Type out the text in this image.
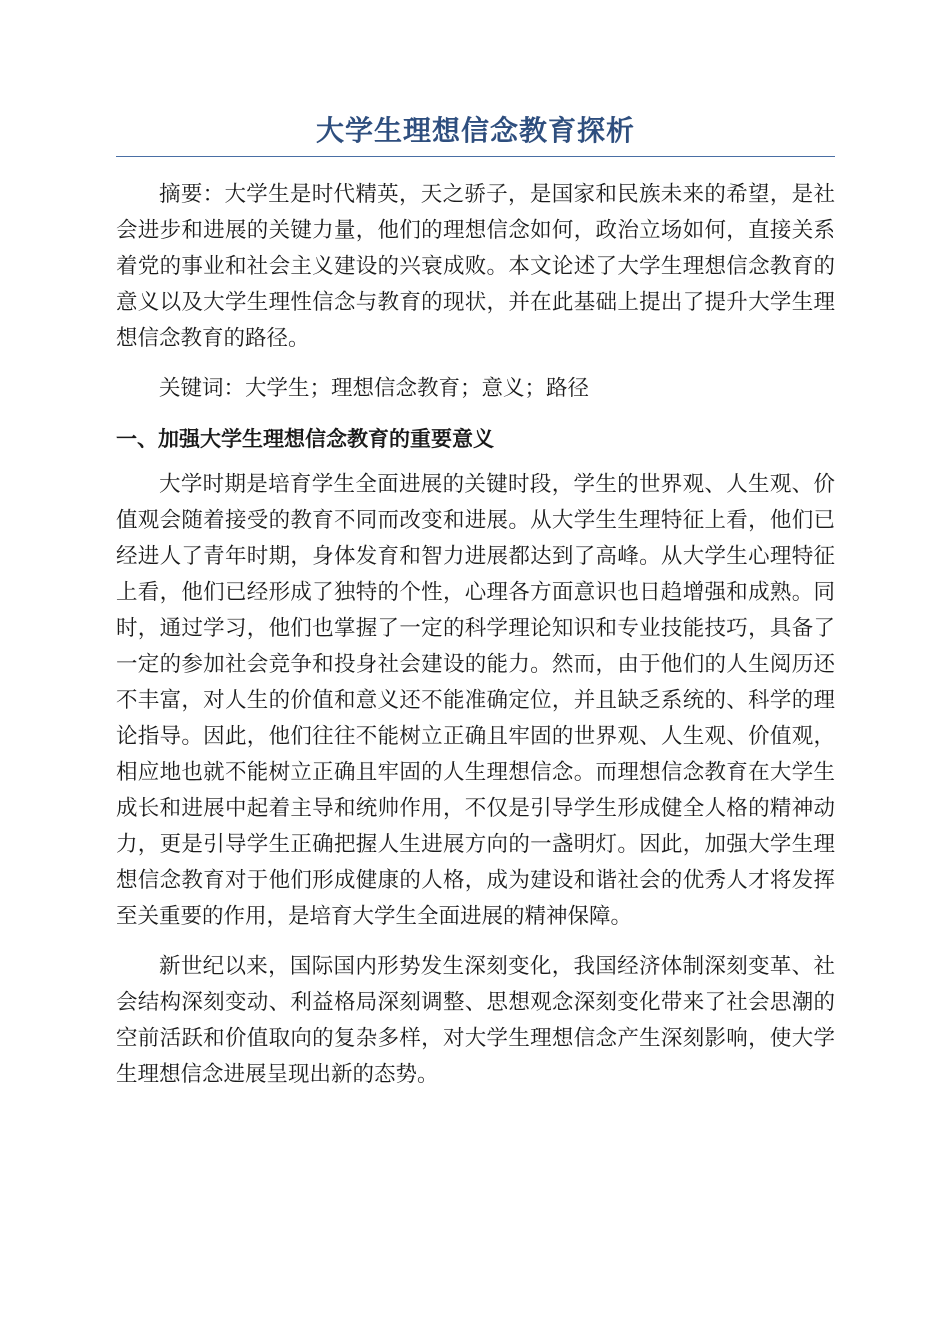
大学生理想信念教育探析

摘要：大学生是时代精英，天之骄子，是国家和民族未来的希望，是社会进步和进展的关键力量，他们的理想信念如何，政治立场如何，直接关系着党的事业和社会主义建设的兴衰成败。本文论述了大学生理想信念教育的意义以及大学生理性信念与教育的现状，并在此基础上提出了提升大学生理想信念教育的路径。

关键词：大学生；理想信念教育；意义；路径

一、加强大学生理想信念教育的重要意义

大学时期是培育学生全面进展的关键时段，学生的世界观、人生观、价值观会随着接受的教育不同而改变和进展。从大学生生理特征上看，他们已经进人了青年时期，身体发育和智力进展都达到了高峰。从大学生心理特征上看，他们已经形成了独特的个性，心理各方面意识也日趋增强和成熟。同时，通过学习，他们也掌握了一定的科学理论知识和专业技能技巧，具备了一定的参加社会竞争和投身社会建设的能力。然而，由于他们的人生阅历还不丰富，对人生的价值和意义还不能准确定位，并且缺乏系统的、科学的理论指导。因此，他们往往不能树立正确且牢固的世界观、人生观、价值观，相应地也就不能树立正确且牢固的人生理想信念。而理想信念教育在大学生成长和进展中起着主导和统帅作用，不仅是引导学生形成健全人格的精神动力，更是引导学生正确把握人生进展方向的一盏明灯。因此，加强大学生理想信念教育对于他们形成健康的人格，成为建设和谐社会的优秀人才将发挥至关重要的作用，是培育大学生全面进展的精神保障。

新世纪以来，国际国内形势发生深刻变化，我国经济体制深刻变革、社会结构深刻变动、利益格局深刻调整、思想观念深刻变化带来了社会思潮的空前活跃和价值取向的复杂多样，对大学生理想信念产生深刻影响，使大学生理想信念进展呈现出新的态势。
